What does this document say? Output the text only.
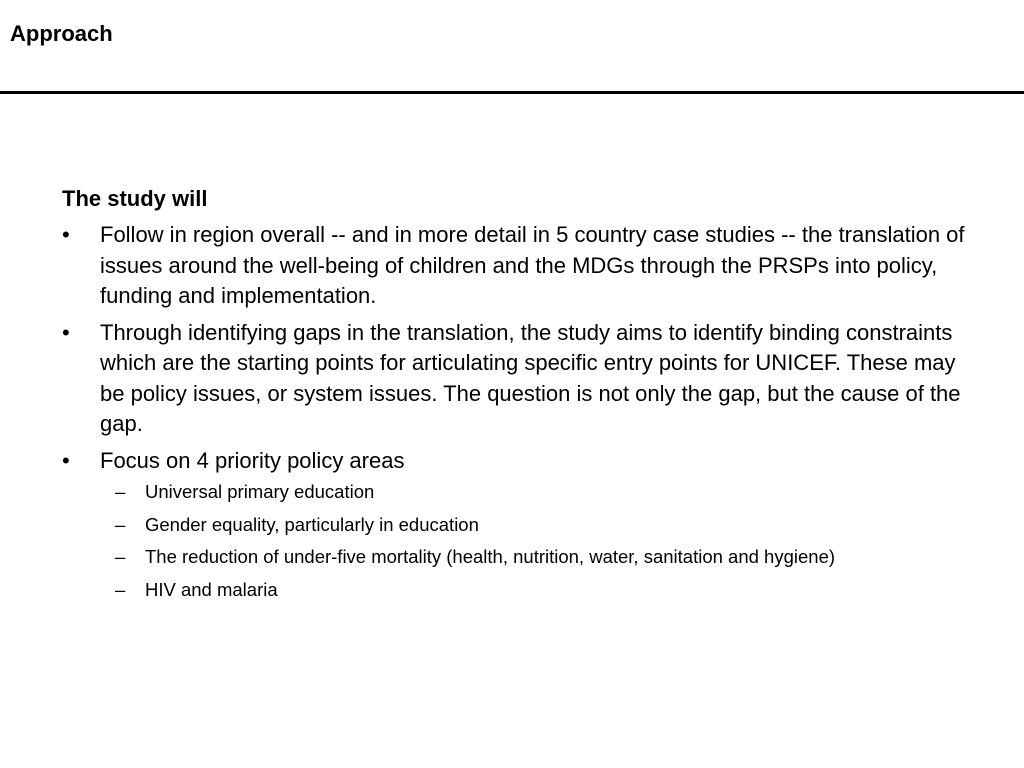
Approach

The study will

• Follow in region overall -- and in more detail in 5 country case studies -- the translation of issues around the well-being of children and the MDGs through the PRSPs into policy, funding and implementation.
• Through identifying gaps in the translation, the study aims to identify binding constraints which are the starting points for articulating specific entry points for UNICEF. These may be policy issues, or system issues. The question is not only the gap, but the cause of the gap.
• Focus on 4 priority policy areas
– Universal primary education
– Gender equality, particularly in education
– The reduction of under-five mortality (health, nutrition, water, sanitation and hygiene)
– HIV and malaria
